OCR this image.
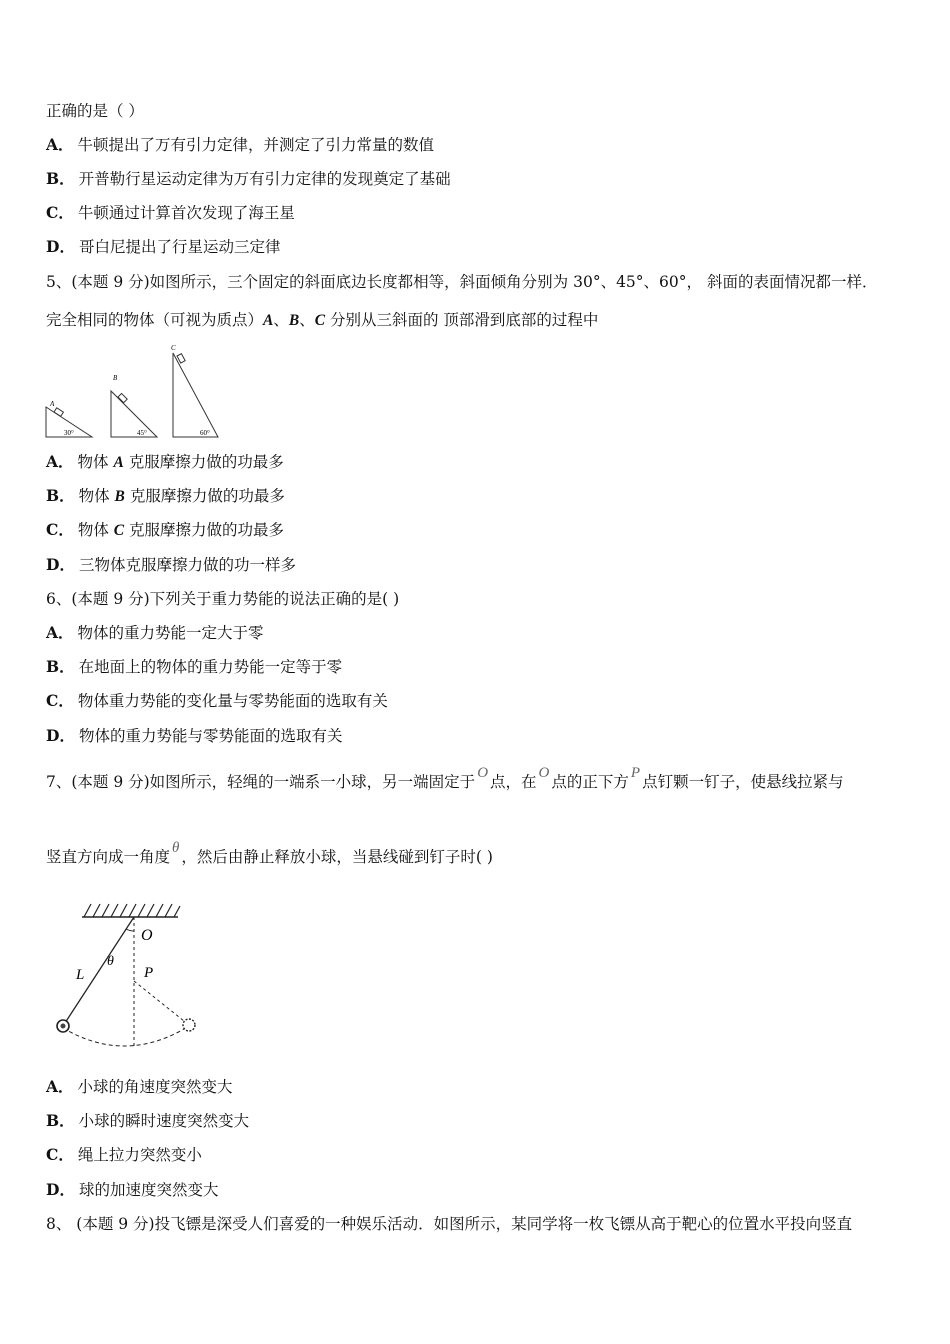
正确的是（ ）
A． 牛顿提出了万有引力定律，并测定了引力常量的数值
B． 开普勒行星运动定律为万有引力定律的发现奠定了基础
C． 牛顿通过计算首次发现了海王星
D． 哥白尼提出了行星运动三定律
5、(本题 9 分)如图所示，三个固定的斜面底边长度都相等，斜面倾角分别为 30°、45°、60°， 斜面的表面情况都一样．
完全相同的物体（可视为质点）A、B、C 分别从三斜面的 顶部滑到底部的过程中
A
30°
B
45°
C
60°
A． 物体 A 克服摩擦力做的功最多
B． 物体 B 克服摩擦力做的功最多
C． 物体 C 克服摩擦力做的功最多
D． 三物体克服摩擦力做的功一样多
6、(本题 9 分)下列关于重力势能的说法正确的是( )
A． 物体的重力势能一定大于零
B． 在地面上的物体的重力势能一定等于零
C． 物体重力势能的变化量与零势能面的选取有关
D． 物体的重力势能与零势能面的选取有关
7、(本题 9 分)如图所示，轻绳的一端系一小球，另一端固定于 O 点，在 O 点的正下方 P 点钉颗一钉子，使悬线拉紧与
竖直方向成一角度 θ ，然后由静止释放小球，当悬线碰到钉子时( )
O
P
L
θ
A． 小球的角速度突然变大
B． 小球的瞬时速度突然变大
C． 绳上拉力突然变小
D． 球的加速度突然变大
8、 (本题 9 分)投飞镖是深受人们喜爱的一种娱乐活动．如图所示，某同学将一枚飞镖从高于靶心的位置水平投向竖直
